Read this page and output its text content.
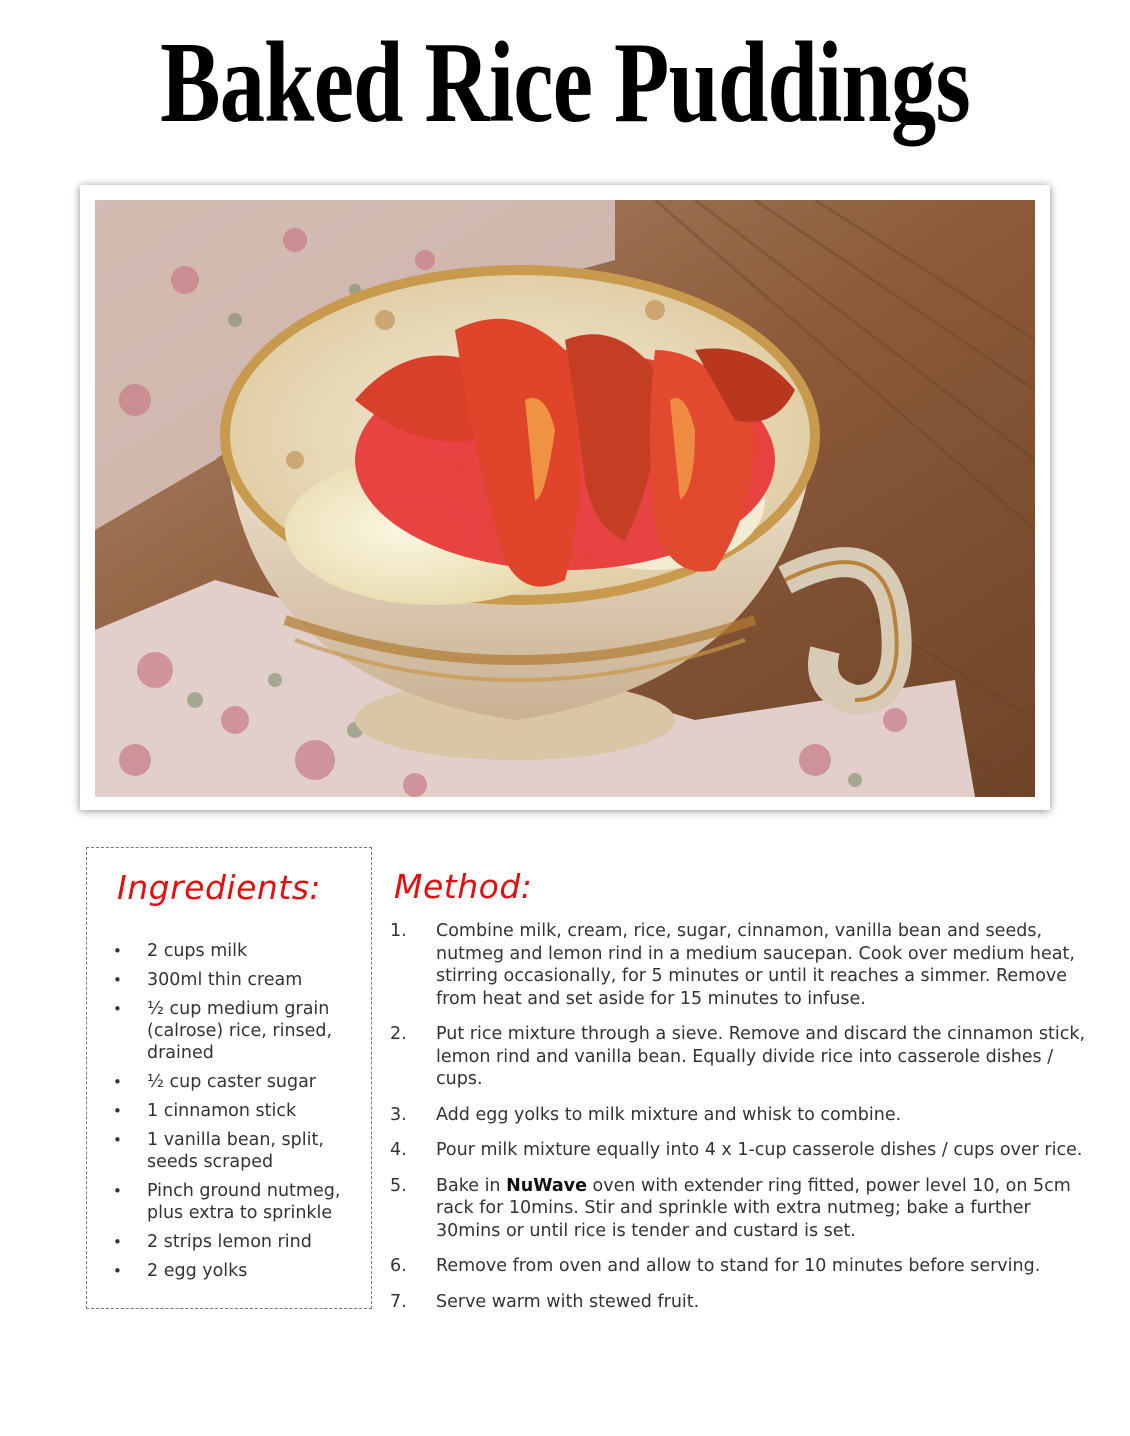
Baked Rice Puddings
Ingredients:
• 2 cups milk
• 300ml thin cream
• ½ cup medium grain (calrose) rice, rinsed, drained
• ½ cup caster sugar
• 1 cinnamon stick
• 1 vanilla bean, split, seeds scraped
• Pinch ground nutmeg, plus extra to sprinkle
• 2 strips lemon rind
• 2 egg yolks
Method:
1. Combine milk, cream, rice, sugar, cinnamon, vanilla bean and seeds, nutmeg and lemon rind in a medium saucepan. Cook over medium heat, stirring occasionally, for 5 minutes or until it reaches a simmer. Remove from heat and set aside for 15 minutes to infuse.
2. Put rice mixture through a sieve. Remove and discard the cinnamon stick, lemon rind and vanilla bean. Equally divide rice into casserole dishes / cups.
3. Add egg yolks to milk mixture and whisk to combine.
4. Pour milk mixture equally into 4 x 1-cup casserole dishes / cups over rice.
5. Bake in NuWave oven with extender ring fitted, power level 10, on 5cm rack for 10mins. Stir and sprinkle with extra nutmeg; bake a further 30mins or until rice is tender and custard is set.
6. Remove from oven and allow to stand for 10 minutes before serving.
7. Serve warm with stewed fruit.
